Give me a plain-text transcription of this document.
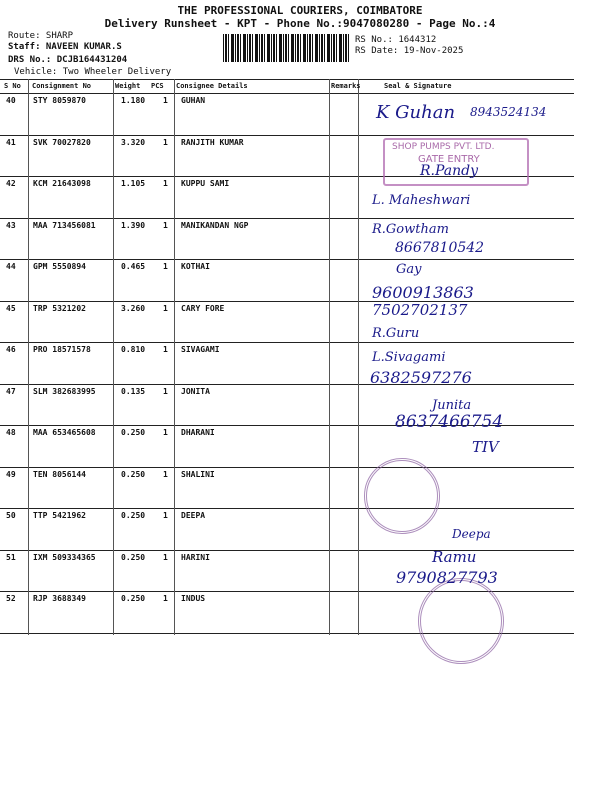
THE PROFESSIONAL COURIERS, COIMBATORE
Delivery Runsheet - KPT - Phone No.:9047080280 - Page No.:4
Route: SHARP
Staff: NAVEEN KUMAR.S
DRS No.: DCJB164431204
Vehicle: Two Wheeler Delivery
RS No.: 1644312
RS Date: 19-Nov-2025
S No Consignment No	Weight PCS Consignee Details	Remarks	Seal & Signature
40 STY 8059870	1.180 1 GUHAN
41 SVK 70027820	3.320 1 RANJITH KUMAR
42 KCM 21643098	1.105 1 KUPPU SAMI
43 MAA 713456081	1.390 1 MANIKANDAN NGP
44 GPM 5550894	0.465 1 KOTHAI
45 TRP 5321202	3.260 1 CARY FORE
46 PRO 18571578	0.810 1 SIVAGAMI
47 SLM 382683995	0.135 1 JONITA
48 MAA 653465608	0.250 1 DHARANI
49 TEN 8056144	0.250 1 SHALINI
50 TTP 5421962	0.250 1 DEEPA
51 IXM 509334365	0.250 1 HARINI
52 RJP 3688349	0.250 1 INDUS
K Guhan 8943524134
SHOP PUMPS PVT. LTD.
GATE ENTRY
R.Pandy
L. Maheshwari
R.Gowtham
8667810542
Gay
9600913863
7502702137
R.Guru
L.Sivagami
6382597276
Junita
8637466754
TIV
Deepa
Ramu
9790827793
